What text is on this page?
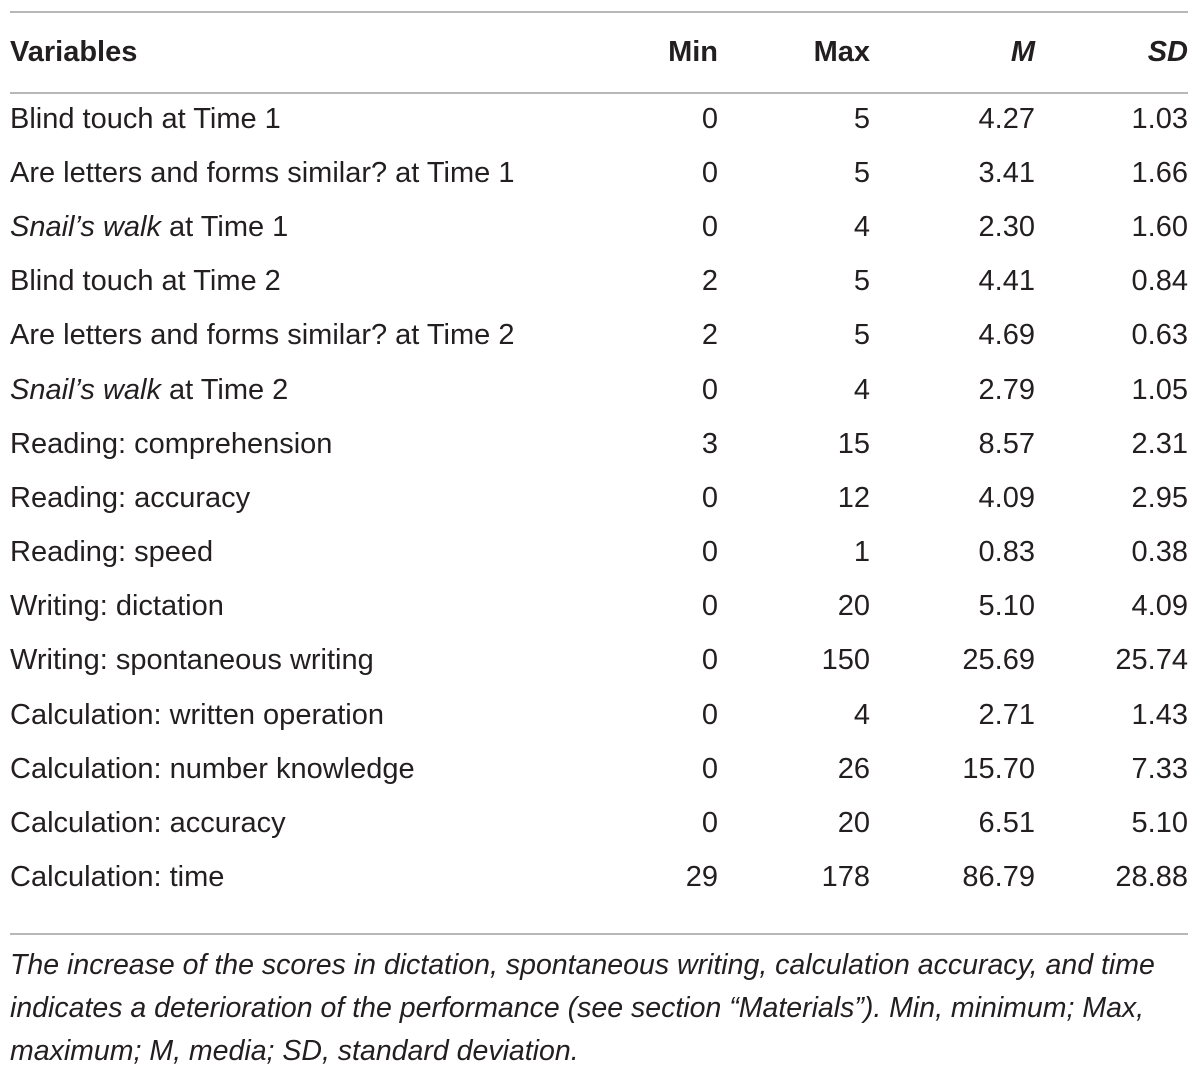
Variables	Min	Max	M	SD
Blind touch at Time 1	0	5	4.27	1.03
Are letters and forms similar? at Time 1	0	5	3.41	1.66
Snail’s walk at Time 1	0	4	2.30	1.60
Blind touch at Time 2	2	5	4.41	0.84
Are letters and forms similar? at Time 2	2	5	4.69	0.63
Snail’s walk at Time 2	0	4	2.79	1.05
Reading: comprehension	3	15	8.57	2.31
Reading: accuracy	0	12	4.09	2.95
Reading: speed	0	1	0.83	0.38
Writing: dictation	0	20	5.10	4.09
Writing: spontaneous writing	0	150	25.69	25.74
Calculation: written operation	0	4	2.71	1.43
Calculation: number knowledge	0	26	15.70	7.33
Calculation: accuracy	0	20	6.51	5.10
Calculation: time	29	178	86.79	28.88

The increase of the scores in dictation, spontaneous writing, calculation accuracy, and time indicates a deterioration of the performance (see section “Materials”). Min, minimum; Max, maximum; M, media; SD, standard deviation.
